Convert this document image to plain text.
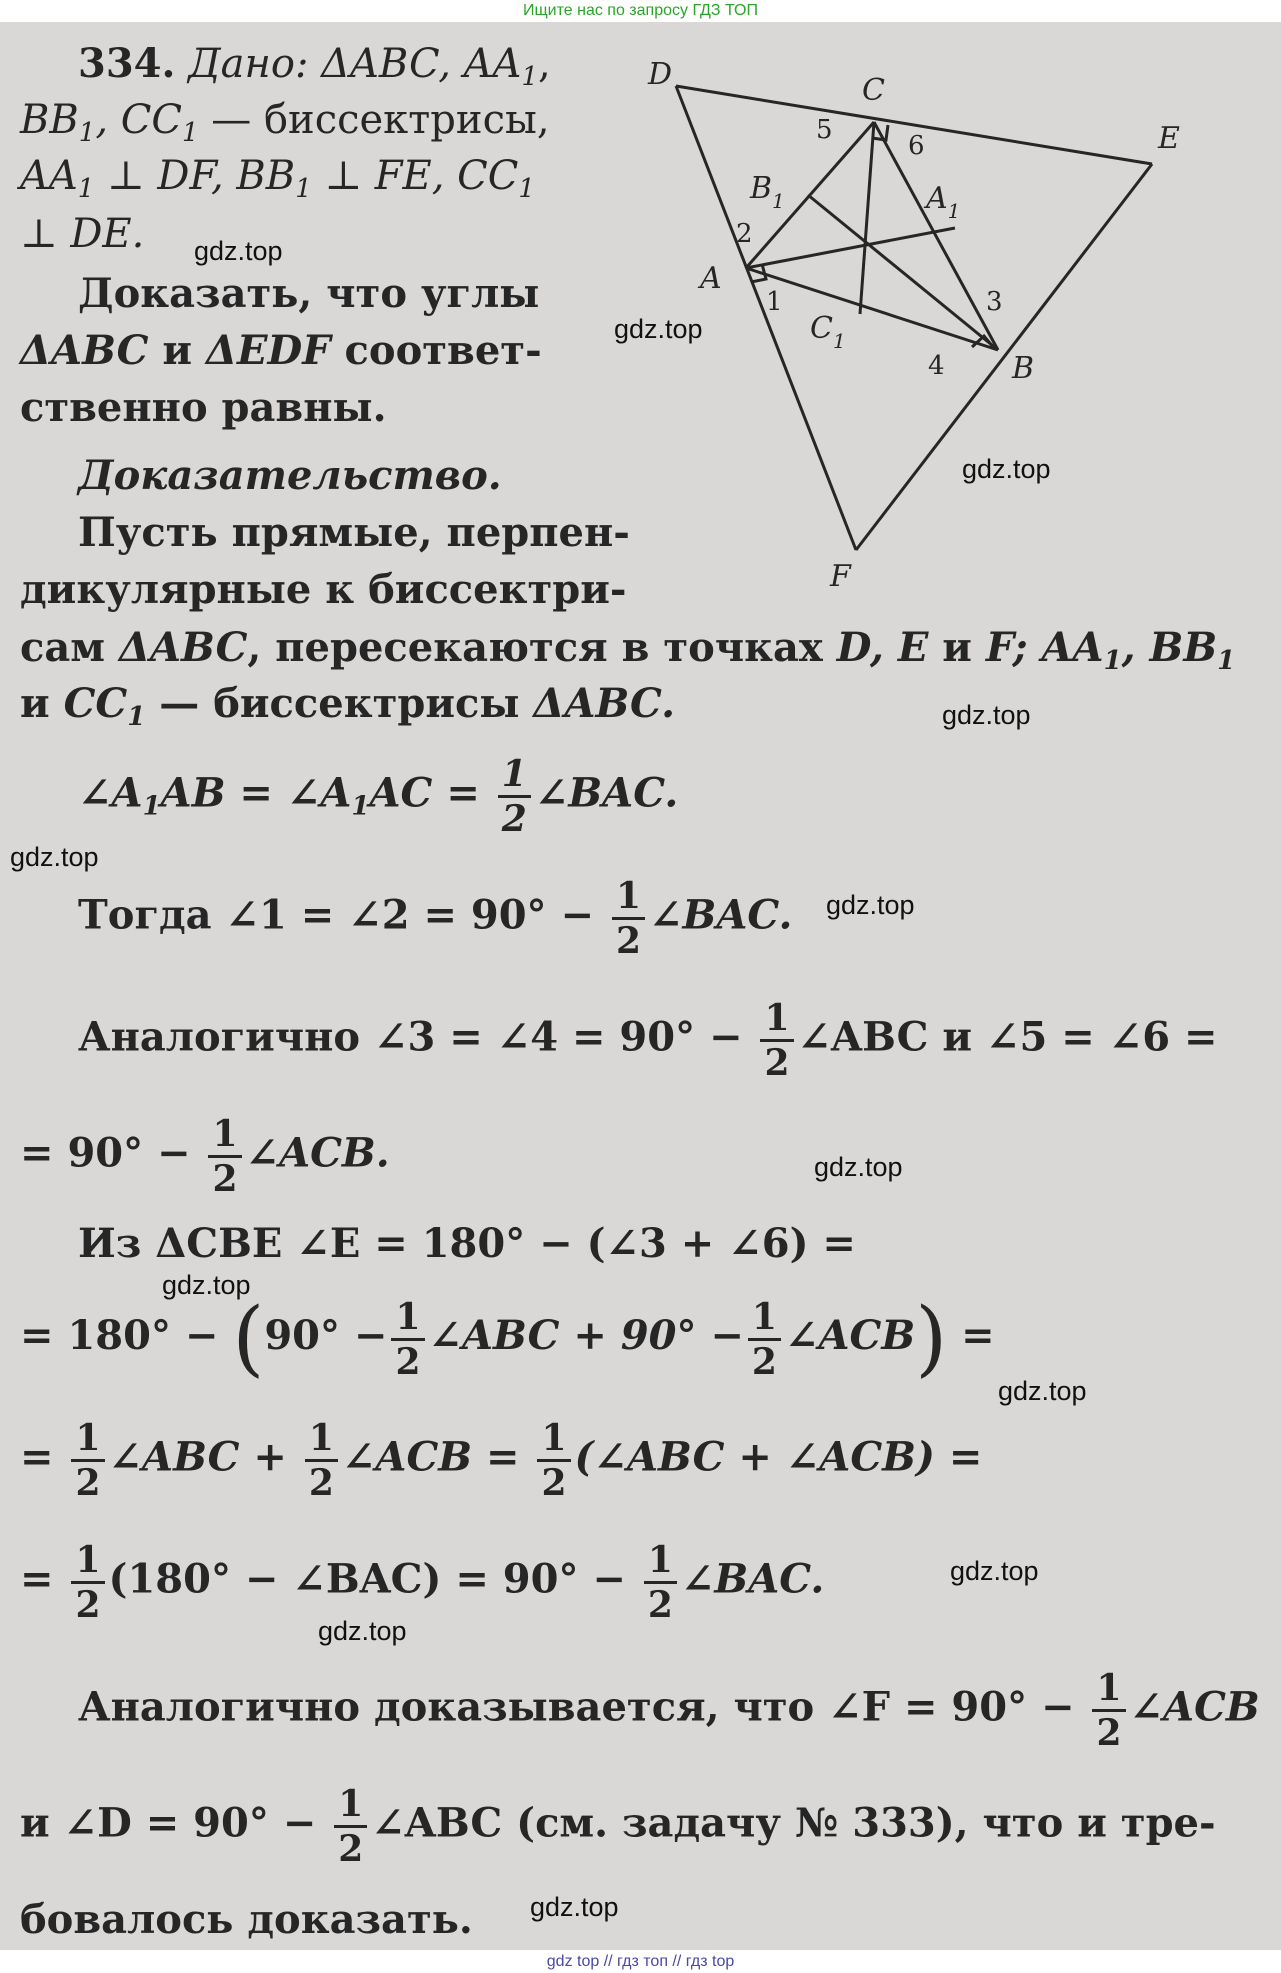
Ищите нас по запросу ГДЗ ТОП
334. Дано: ΔABC, $AA_1$,
$BB_1$, $CC_1$ — биссектрисы,
$AA_1$ ⊥ DF, $BB_1$ ⊥ FE, $CC_1$
⊥ DE.
Доказать, что углы
ΔABC и ΔEDF соответ-
ственно равны.
Доказательство.
Пусть прямые, перпен-
дикулярные к биссектри-
сам ΔABC, пересекаются в точках D, E и F; $AA_1$, $BB_1$
и $CC_1$ — биссектрисы ΔABC.
$\angle A_1AB$ = $\angle A_1AC = \frac{1}{2}$ ∠BAC.
Тогда ∠1 = ∠2 = $90^\circ - \frac{1}{2}$ ∠BAC.
Аналогично ∠3 = ∠4 = $90^\circ - \frac{1}{2}$ ∠ABC и ∠5 = ∠6 =
= $90^\circ - \frac{1}{2}$ ∠ACB.
Из ΔCBE ∠E = 180° − (∠3 + ∠6) =
= $180^\circ - (90^\circ - \frac{1}{2}$ ∠ABC + $90^\circ - \frac{1}{2}$ ∠ACB) =
= $\frac{1}{2}$ ∠ABC + $\frac{1}{2}$ ∠ACB = $\frac{1}{2}$ (∠ABC + ∠ACB) =
= $\frac{1}{2} (180^\circ$ − ∠BAC) = $90^\circ - \frac{1}{2}$ ∠BAC.
Аналогично доказывается, что ∠F = $90^\circ - \frac{1}{2}$ ∠ACB
и ∠D = $90^\circ - \frac{1}{2}$ ∠ABC (см. задачу № 333), что и тре-
бовалось доказать.
D	C
E
A
B
F
$B_1$	$A_1$
$C_1$
1
2
3
4
5
6
gdz.top
gdz.top
gdz.top
gdz.top
gdz.top
gdz.top
gdz.top
gdz.top
gdz.top
gdz.top
gdz.top
gdz.top
gdz top // гдз топ // гдз top
